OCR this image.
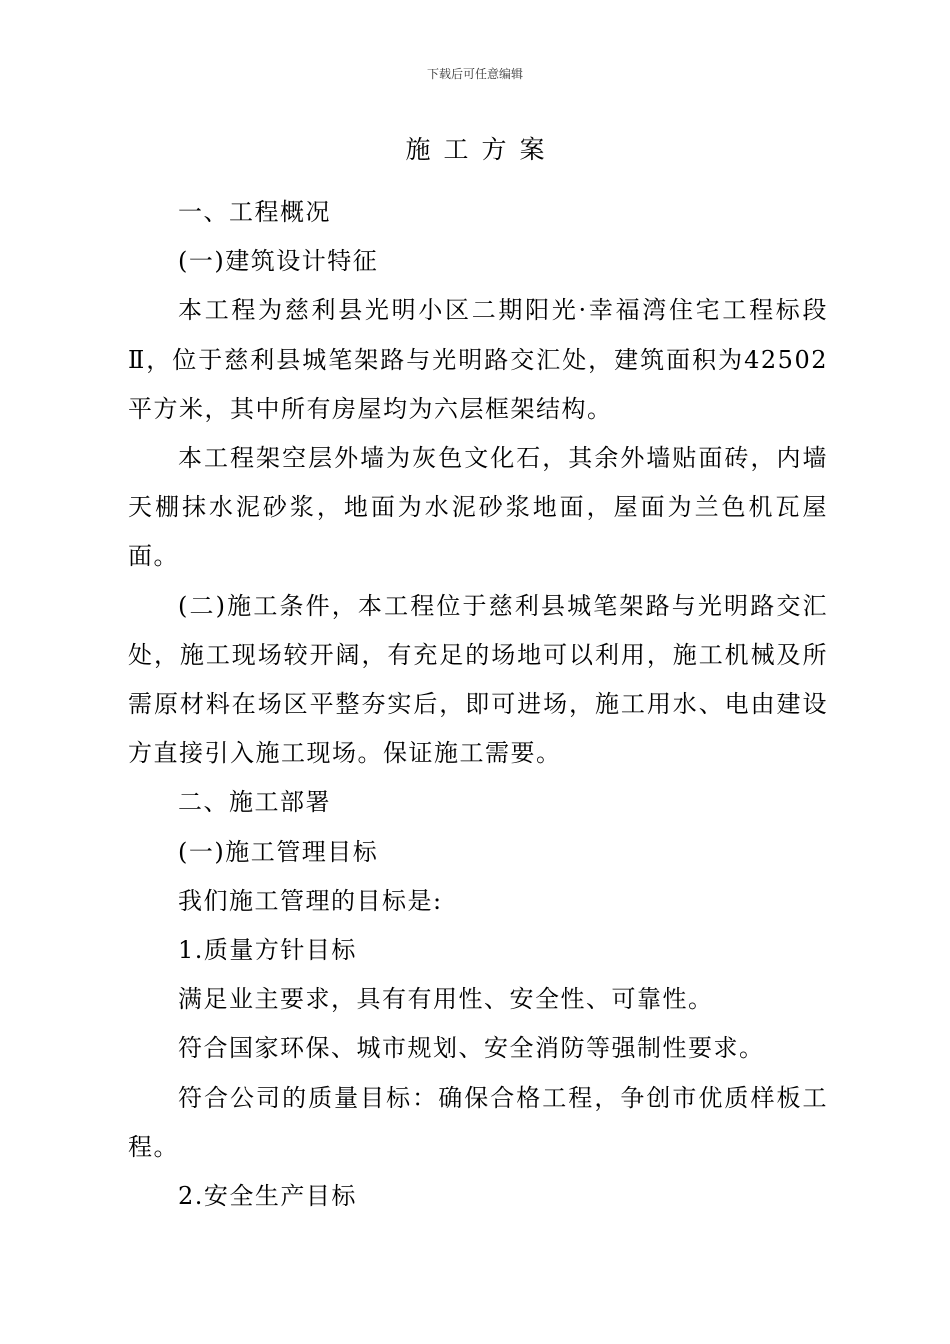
下载后可任意编辑
施工方案

一、工程概况

(一)建筑设计特征

本工程为慈利县光明小区二期阳光·幸福湾住宅工程标段Ⅱ，位于慈利县城笔架路与光明路交汇处，建筑面积为42502平方米，其中所有房屋均为六层框架结构。

本工程架空层外墙为灰色文化石，其余外墙贴面砖，内墙天棚抹水泥砂浆，地面为水泥砂浆地面，屋面为兰色机瓦屋面。

(二)施工条件，本工程位于慈利县城笔架路与光明路交汇处，施工现场较开阔，有充足的场地可以利用，施工机械及所需原材料在场区平整夯实后，即可进场，施工用水、电由建设方直接引入施工现场。保证施工需要。

二、施工部署

(一)施工管理目标

我们施工管理的目标是:

1.质量方针目标

满足业主要求，具有有用性、安全性、可靠性。

符合国家环保、城市规划、安全消防等强制性要求。

符合公司的质量目标：确保合格工程，争创市优质样板工程。

2.安全生产目标
